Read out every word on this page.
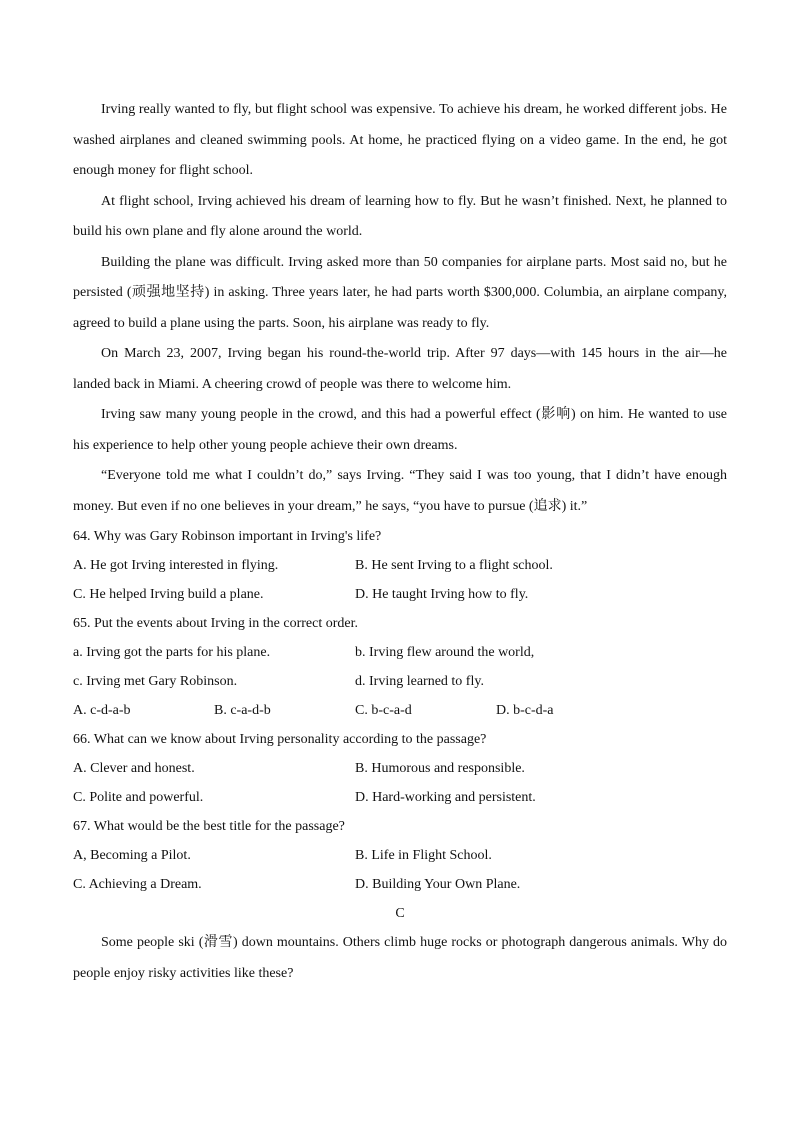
Irving really wanted to fly, but flight school was expensive. To achieve his dream, he worked different jobs. He washed airplanes and cleaned swimming pools. At home, he practiced flying on a video game. In the end, he got enough money for flight school.

At flight school, Irving achieved his dream of learning how to fly. But he wasn’t finished. Next, he planned to build his own plane and fly alone around the world.

Building the plane was difficult. Irving asked more than 50 companies for airplane parts. Most said no, but he persisted (顽强地坚持) in asking. Three years later, he had parts worth $300,000. Columbia, an airplane company, agreed to build a plane using the parts. Soon, his airplane was ready to fly.

On March 23, 2007, Irving began his round-the-world trip. After 97 days—with 145 hours in the air—he landed back in Miami. A cheering crowd of people was there to welcome him.

Irving saw many young people in the crowd, and this had a powerful effect (影响) on him. He wanted to use his experience to help other young people achieve their own dreams.

“Everyone told me what I couldn’t do,” says Irving. “They said I was too young, that I didn’t have enough money. But even if no one believes in your dream,” he says, “you have to pursue (追求) it.”

64. Why was Gary Robinson important in Irving's life?

A. He got Irving interested in flying.	B. He sent Irving to a flight school.
C. He helped Irving build a plane.	D. He taught Irving how to fly.

65. Put the events about Irving in the correct order.

a. Irving got the parts for his plane.	b. Irving flew around the world,
c. Irving met Gary Robinson.	d. Irving learned to fly.
A. c-d-a-b	B. c-a-d-b	C. b-c-a-d	D. b-c-d-a

66. What can we know about Irving personality according to the passage?

A. Clever and honest.	B. Humorous and responsible.
C. Polite and powerful.	D. Hard-working and persistent.

67. What would be the best title for the passage?

A, Becoming a Pilot.	B. Life in Flight School.
C. Achieving a Dream.	D. Building Your Own Plane.

C

Some people ski (滑雪) down mountains. Others climb huge rocks or photograph dangerous animals. Why do people enjoy risky activities like these?
